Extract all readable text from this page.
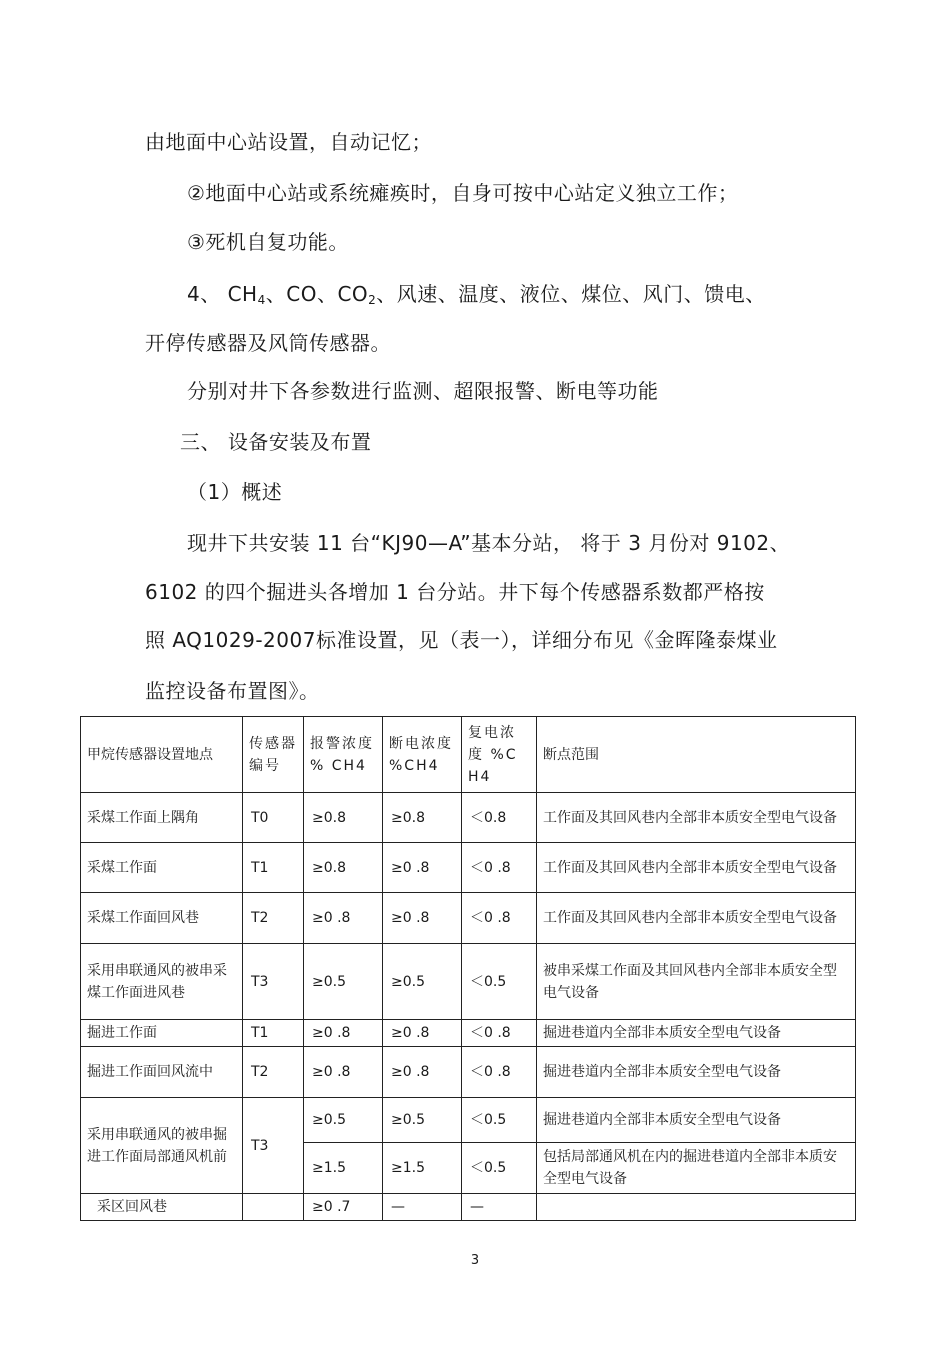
由地面中心站设置，自动记忆；
②地面中心站或系统瘫痪时，自身可按中心站定义独立工作；
③死机自复功能。
4、 $CH_4$、CO、$CO_2$、风速、温度、液位、煤位、风门、馈电、
开停传感器及风筒传感器。
分别对井下各参数进行监测、超限报警、断电等功能
三、 设备安装及布置
（1）概述
现井下共安装 11 台“KJ90—A”基本分站， 将于 3 月份对 9102、
6102 的四个掘进头各增加 1 台分站。井下每个传感器系数都严格按
照 AQ1029-2007标准设置，见（表一），详细分布见《金晖隆泰煤业
监控设备布置图》。
甲烷传感器设置地点	传感器编号	报警浓度 % CH4	断电浓度 %CH4	复电浓度 %CH4	断点范围
采煤工作面上隅角	T0	≥0.8	≥0.8	＜0.8	工作面及其回风巷内全部非本质安全型电气设备
采煤工作面	T1	≥0.8	≥0 .8	＜0 .8	工作面及其回风巷内全部非本质安全型电气设备
采煤工作面回风巷	T2	≥0 .8	≥0 .8	＜0 .8	工作面及其回风巷内全部非本质安全型电气设备
采用串联通风的被串采煤工作面进风巷	T3	≥0.5	≥0.5	＜0.5	被串采煤工作面及其回风巷内全部非本质安全型电气设备
掘进工作面	T1	≥0 .8	≥0 .8	＜0 .8	掘进巷道内全部非本质安全型电气设备
掘进工作面回风流中	T2	≥0 .8	≥0 .8	＜0 .8	掘进巷道内全部非本质安全型电气设备
采用串联通风的被串掘进工作面局部通风机前	T3	≥0.5	≥0.5	＜0.5	掘进巷道内全部非本质安全型电气设备
		≥1.5	≥1.5	＜0.5	包括局部通风机在内的掘进巷道内全部非本质安全型电气设备
采区回风巷		≥0 .7	—	—	
3
